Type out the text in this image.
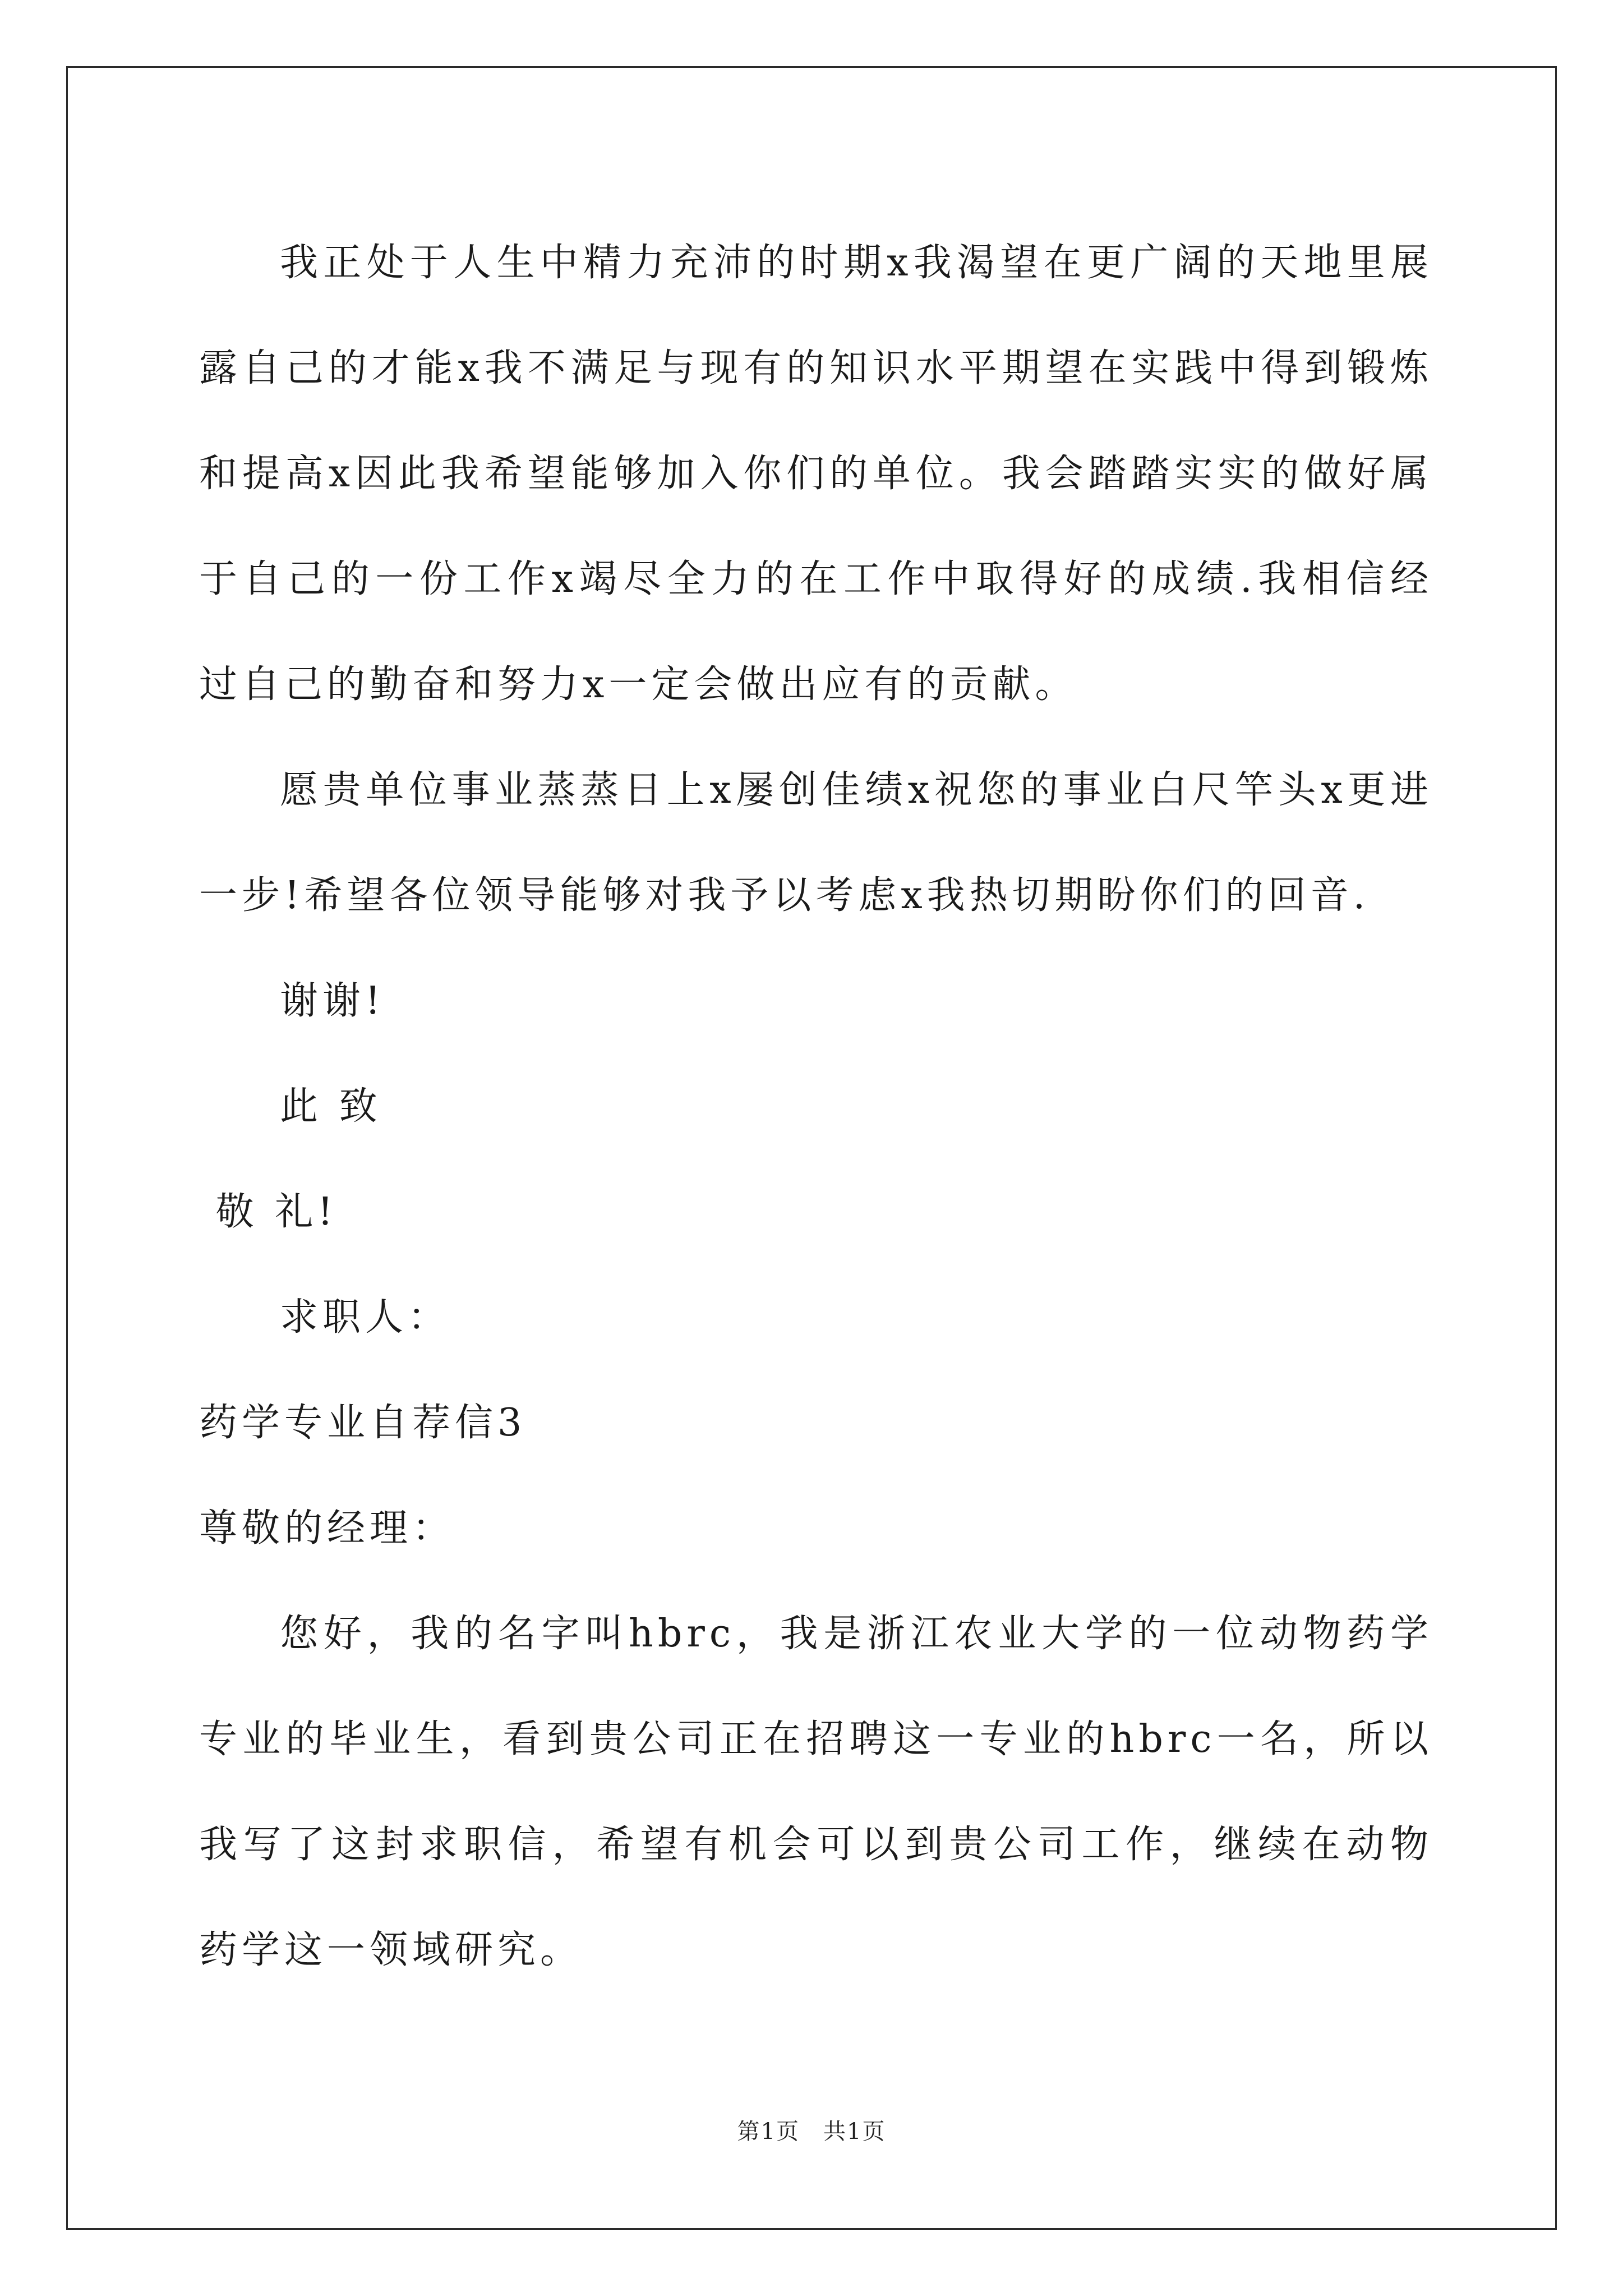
我正处于人生中精力充沛的时期x我渴望在更广阔的天地里展露自己的才能x我不满足与现有的知识水平期望在实践中得到锻炼和提高x因此我希望能够加入你们的单位。我会踏踏实实的做好属于自己的一份工作x竭尽全力的在工作中取得好的成绩.我相信经过自己的勤奋和努力x一定会做出应有的贡献。

愿贵单位事业蒸蒸日上x屡创佳绩x祝您的事业白尺竿头x更进一步!希望各位领导能够对我予以考虑x我热切期盼你们的回音.

谢谢!

此 致

敬 礼!

求职人：

药学专业自荐信3

尊敬的经理：

您好，我的名字叫hbrc，我是浙江农业大学的一位动物药学专业的毕业生，看到贵公司正在招聘这一专业的hbrc一名，所以我写了这封求职信，希望有机会可以到贵公司工作，继续在动物药学这一领域研究。

第1页　共1页
